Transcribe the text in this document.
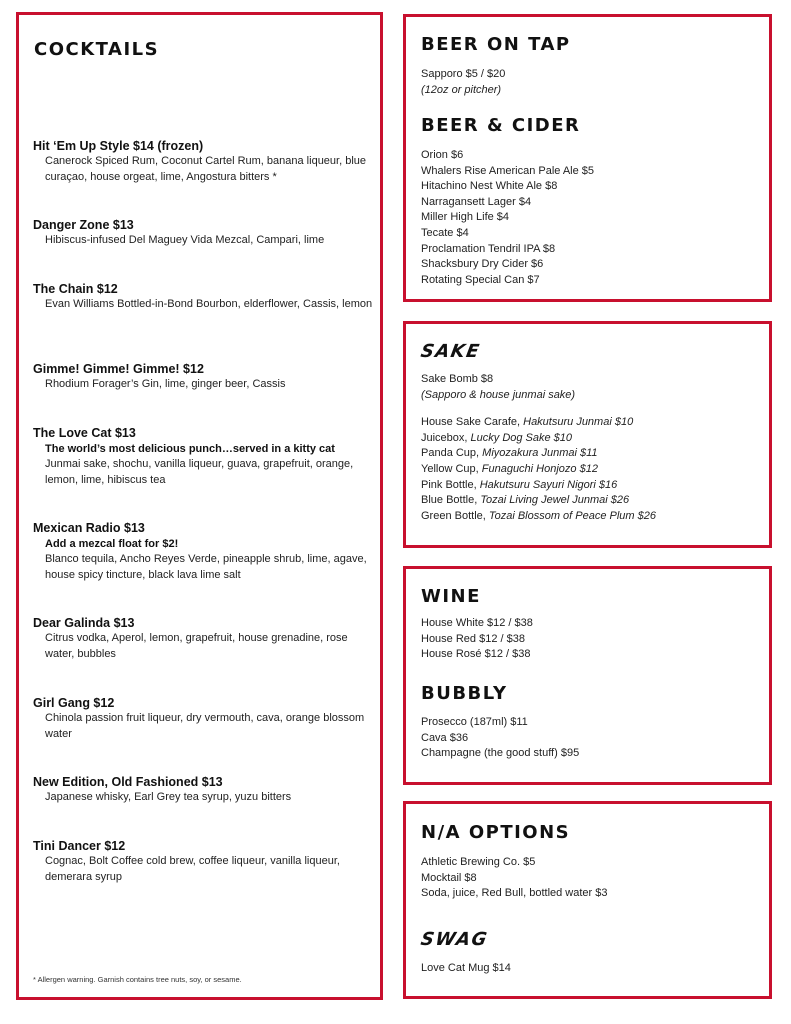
COCKTAILS
Hit ‘Em Up Style $14 (frozen)
Canerock Spiced Rum, Coconut Cartel Rum, banana liqueur, blue curaçao, house orgeat, lime, Angostura bitters *
Danger Zone $13
Hibiscus-infused Del Maguey Vida Mezcal, Campari, lime
The Chain $12
Evan Williams Bottled-in-Bond Bourbon, elderflower, Cassis, lemon
Gimme! Gimme! Gimme! $12
Rhodium Forager’s Gin, lime, ginger beer, Cassis
The Love Cat $13
The world’s most delicious punch…served in a kitty cat
Junmai sake, shochu, vanilla liqueur, guava, grapefruit, orange, lemon, lime, hibiscus tea
Mexican Radio $13
Add a mezcal float for $2!
Blanco tequila, Ancho Reyes Verde, pineapple shrub, lime, agave, house spicy tincture, black lava lime salt
Dear Galinda $13
Citrus vodka, Aperol, lemon, grapefruit, house grenadine, rose water, bubbles
Girl Gang $12
Chinola passion fruit liqueur, dry vermouth, cava, orange blossom water
New Edition, Old Fashioned $13
Japanese whisky, Earl Grey tea syrup, yuzu bitters
Tini Dancer $12
Cognac, Bolt Coffee cold brew, coffee liqueur, vanilla liqueur, demerara syrup
* Allergen warning. Garnish contains tree nuts, soy, or sesame.
BEER ON TAP
Sapporo $5 / $20
(12oz or pitcher)
BEER & CIDER
Orion $6
Whalers Rise American Pale Ale $5
Hitachino Nest White Ale $8
Narragansett Lager $4
Miller High Life $4
Tecate $4
Proclamation Tendril IPA $8
Shacksbury Dry Cider $6
Rotating Special Can $7
SAKE
Sake Bomb $8
(Sapporo & house junmai sake)
House Sake Carafe, Hakutsuru Junmai $10
Juicebox, Lucky Dog Sake $10
Panda Cup, Miyozakura Junmai $11
Yellow Cup, Funaguchi Honjozo $12
Pink Bottle, Hakutsuru Sayuri Nigori $16
Blue Bottle, Tozai Living Jewel Junmai $26
Green Bottle, Tozai Blossom of Peace Plum $26
WINE
House White $12 / $38
House Red $12 / $38
House Rosé $12 / $38
BUBBLY
Prosecco (187ml) $11
Cava $36
Champagne (the good stuff) $95
N/A OPTIONS
Athletic Brewing Co. $5
Mocktail $8
Soda, juice, Red Bull, bottled water $3
SWAG
Love Cat Mug $14
